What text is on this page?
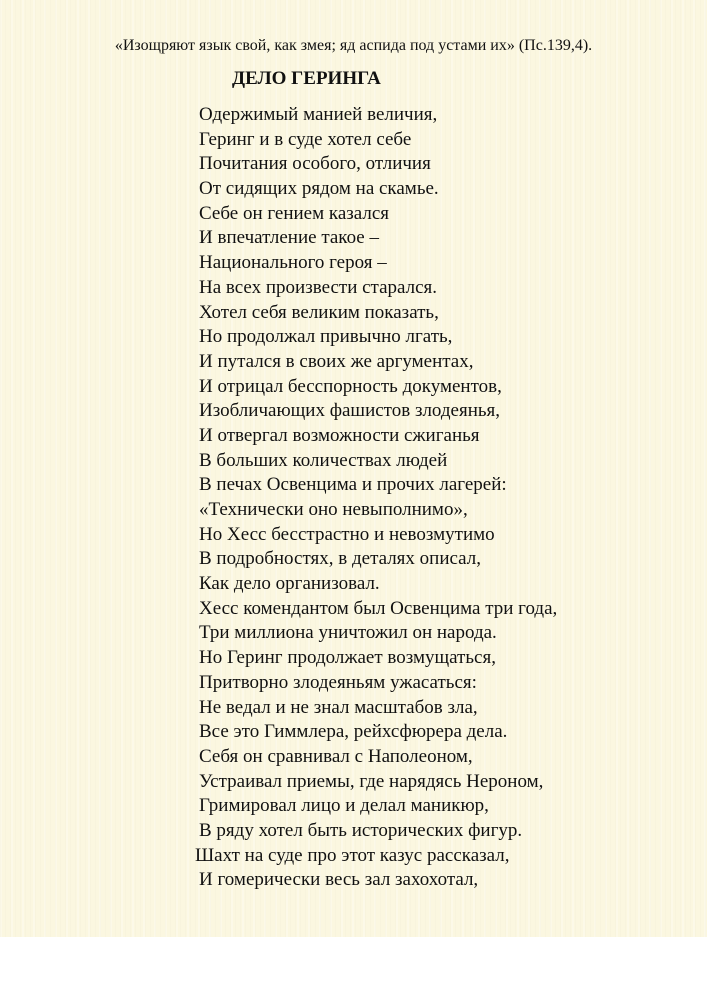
«Изощряют язык свой, как змея; яд аспида под устами их» (Пс.139,4).
ДЕЛО ГЕРИНГА
Одержимый манией величия,
Геринг и в суде хотел себе
Почитания особого, отличия
От сидящих рядом на скамье.
Себе он гением казался
И впечатление такое –
Национального героя –
На всех произвести старался.
Хотел себя великим показать,
Но продолжал привычно лгать,
И путался в своих же аргументах,
И отрицал бесспорность документов,
Изобличающих фашистов злодеянья,
И отвергал возможности сжиганья
В больших количествах людей
В печах Освенцима и прочих лагерей:
«Технически оно невыполнимо»,
Но Хесс бесстрастно и невозмутимо
В подробностях, в деталях описал,
Как дело организовал.
Хесс комендантом был Освенцима три года,
Три миллиона уничтожил он народа.
Но Геринг продолжает возмущаться,
Притворно злодеяньям ужасаться:
Не ведал и не знал масштабов зла,
Все это Гиммлера, рейхсфюрера дела.
Себя он сравнивал с Наполеоном,
Устраивал приемы, где нарядясь Нероном,
Гримировал лицо и делал маникюр,
В ряду хотел быть исторических фигур.
Шахт на суде про этот казус рассказал,
И гомерически весь зал захохотал,
